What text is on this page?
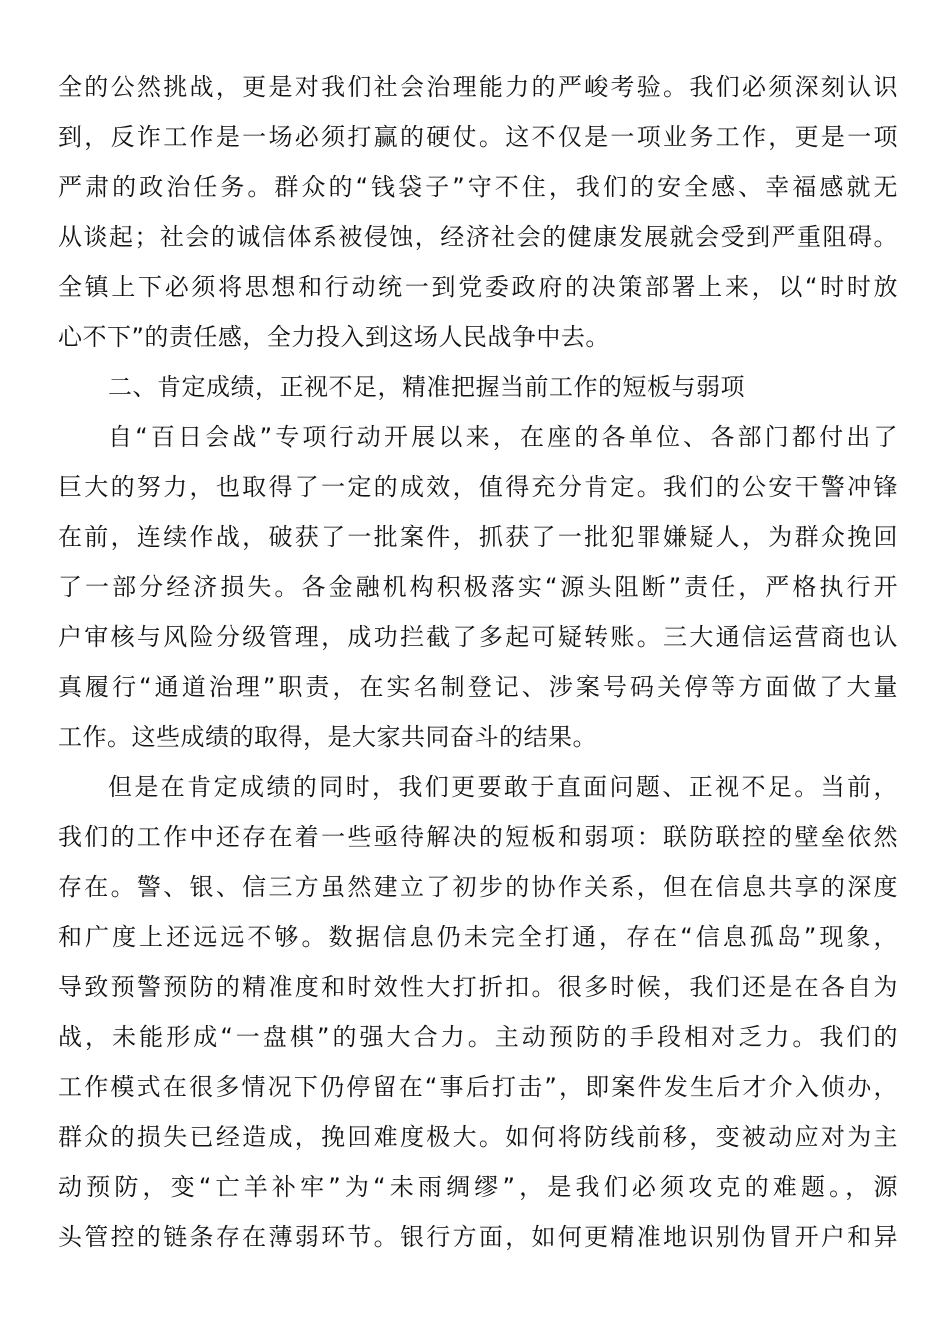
全的公然挑战，更是对我们社会治理能力的严峻考验。我们必须深刻认识
到，反诈工作是一场必须打赢的硬仗。这不仅是一项业务工作，更是一项
严肃的政治任务。群众的“钱袋子”守不住，我们的安全感、幸福感就无
从谈起；社会的诚信体系被侵蚀，经济社会的健康发展就会受到严重阻碍。
全镇上下必须将思想和行动统一到党委政府的决策部署上来，以“时时放
心不下”的责任感，全力投入到这场人民战争中去。
二、肯定成绩，正视不足，精准把握当前工作的短板与弱项
自“百日会战”专项行动开展以来，在座的各单位、各部门都付出了
巨大的努力，也取得了一定的成效，值得充分肯定。我们的公安干警冲锋
在前，连续作战，破获了一批案件，抓获了一批犯罪嫌疑人，为群众挽回
了一部分经济损失。各金融机构积极落实“源头阻断”责任，严格执行开
户审核与风险分级管理，成功拦截了多起可疑转账。三大通信运营商也认
真履行“通道治理”职责，在实名制登记、涉案号码关停等方面做了大量
工作。这些成绩的取得，是大家共同奋斗的结果。
但是在肯定成绩的同时，我们更要敢于直面问题、正视不足。当前，
我们的工作中还存在着一些亟待解决的短板和弱项：联防联控的壁垒依然
存在。警、银、信三方虽然建立了初步的协作关系，但在信息共享的深度
和广度上还远远不够。数据信息仍未完全打通，存在“信息孤岛”现象，
导致预警预防的精准度和时效性大打折扣。很多时候，我们还是在各自为
战，未能形成“一盘棋”的强大合力。主动预防的手段相对乏力。我们的
工作模式在很多情况下仍停留在“事后打击”，即案件发生后才介入侦办，
群众的损失已经造成，挽回难度极大。如何将防线前移，变被动应对为主
动预防，变“亡羊补牢”为“未雨绸缪”，是我们必须攻克的难题。，源
头管控的链条存在薄弱环节。银行方面，如何更精准地识别伪冒开户和异
